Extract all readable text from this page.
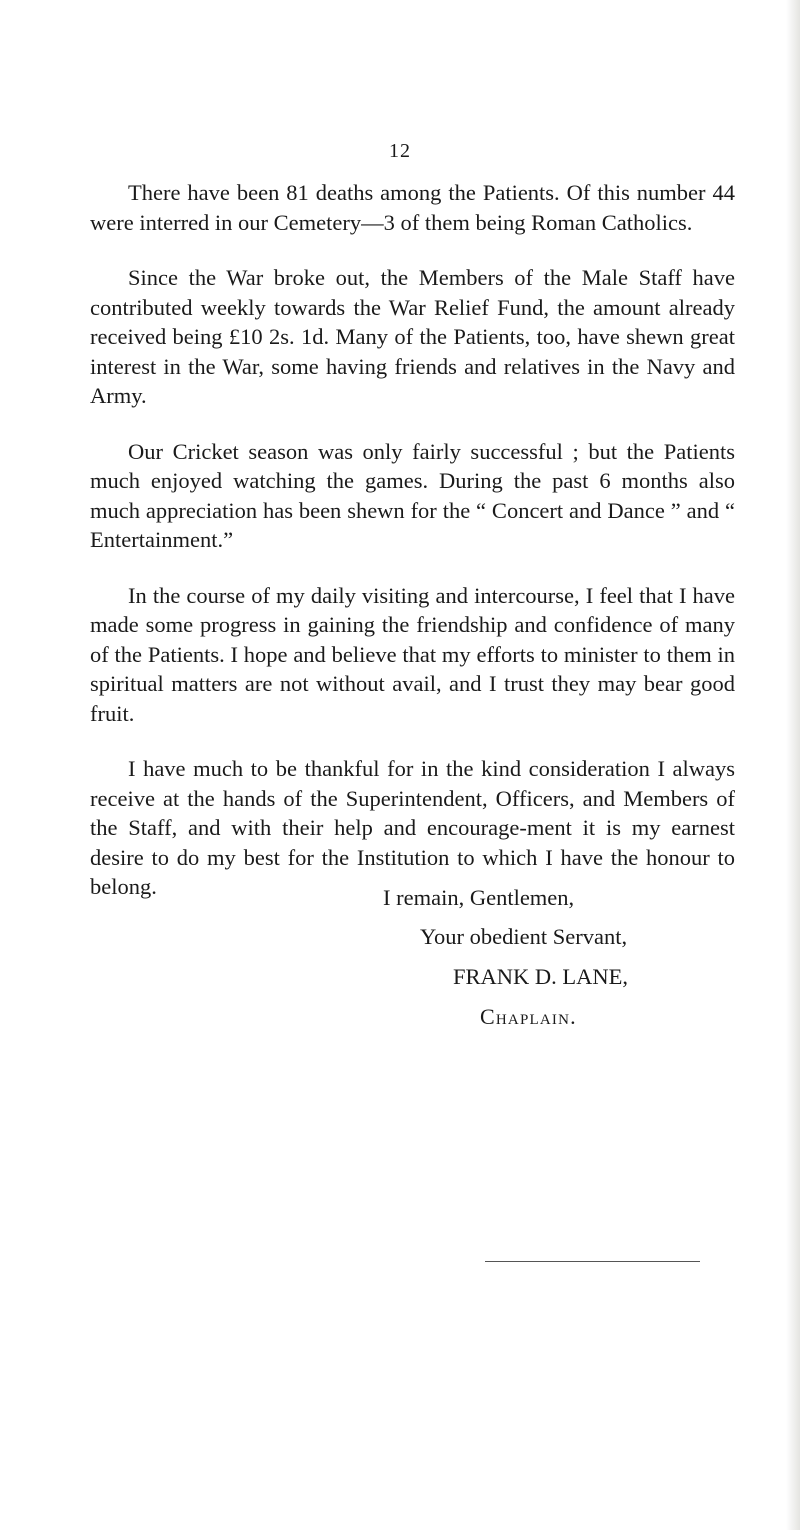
12

There have been 81 deaths among the Patients. Of this number 44 were interred in our Cemetery—3 of them being Roman Catholics.

Since the War broke out, the Members of the Male Staff have contributed weekly towards the War Relief Fund, the amount already received being £10 2s. 1d. Many of the Patients, too, have shewn great interest in the War, some having friends and relatives in the Navy and Army.

Our Cricket season was only fairly successful ; but the Patients much enjoyed watching the games. During the past 6 months also much appreciation has been shewn for the “ Concert and Dance ” and “ Entertainment.”

In the course of my daily visiting and intercourse, I feel that I have made some progress in gaining the friendship and confidence of many of the Patients. I hope and believe that my efforts to minister to them in spiritual matters are not without avail, and I trust they may bear good fruit.

I have much to be thankful for in the kind consideration I always receive at the hands of the Superintendent, Officers, and Members of the Staff, and with their help and encourage-ment it is my earnest desire to do my best for the Institution to which I have the honour to belong.	I remain, Gentlemen,
Your obedient Servant,
FRANK D. LANE,
Chaplain.
